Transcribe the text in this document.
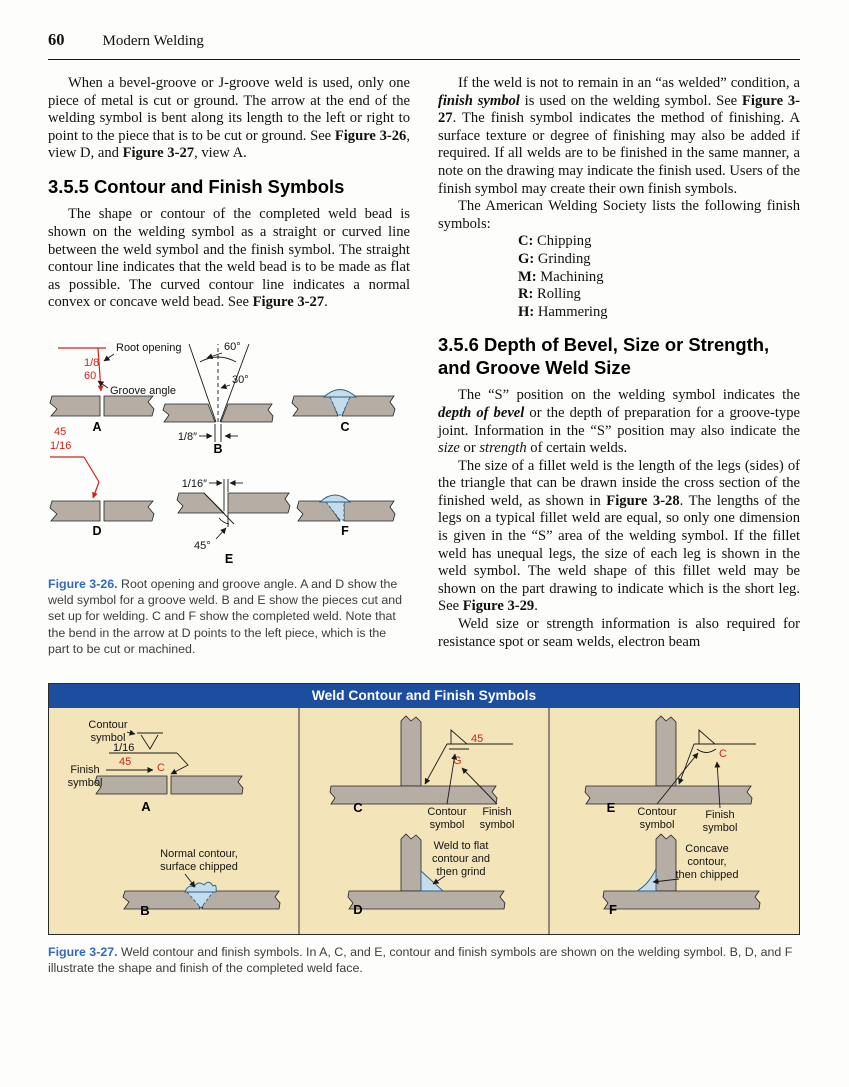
60	Modern Welding

When a bevel-groove or J-groove weld is used, only one piece of metal is cut or ground. The arrow at the end of the welding symbol is bent along its length to the left or right to point to the piece that is to be cut or ground. See Figure 3-26, view D, and Figure 3-27, view A.

3.5.5 Contour and Finish Symbols

The shape or contour of the completed weld bead is shown on the welding symbol as a straight or curved line between the weld symbol and the finish symbol. The straight contour line indicates that the weld bead is to be made as flat as possible. The curved contour line indicates a normal convex or concave weld bead. See Figure 3-27.

1/8
60
Root opening
Groove angle
A
60°
30°
1/8″
B
C
45
1/16
D
1/16″
45°
E
F

Figure 3-26. Root opening and groove angle. A and D show the weld symbol for a groove weld. B and E show the pieces cut and set up for welding. C and F show the completed weld. Note that the bend in the arrow at D points to the left piece, which is the part to be cut or machined.

If the weld is not to remain in an “as welded” condition, a finish symbol is used on the welding symbol. See Figure 3-27. The finish symbol indicates the method of finishing. A surface texture or degree of finishing may also be added if required. If all welds are to be finished in the same manner, a note on the drawing may indicate the finish used. Users of the finish symbol may create their own finish symbols.

The American Welding Society lists the following finish symbols:

C: Chipping
G: Grinding
M: Machining
R: Rolling
H: Hammering
3.5.6 Depth of Bevel, Size or Strength, and Groove Weld Size

The “S” position on the welding symbol indicates the depth of bevel or the depth of preparation for a groove-type joint. Information in the “S” position may also indicate the size or strength of certain welds.

The size of a fillet weld is the length of the legs (sides) of the triangle that can be drawn inside the cross section of the finished weld, as shown in Figure 3-28. The lengths of the legs on a typical fillet weld are equal, so only one dimension is given in the “S” area of the welding symbol. If the fillet weld has unequal legs, the size of each leg is shown in the weld symbol. The weld shape of this fillet weld may be shown on the part drawing to indicate which is the short leg. See Figure 3-29.

Weld size or strength information is also required for resistance spot or seam welds, electron beam

Weld Contour and Finish Symbols
1/16
45 C
Contour
symbol
Finish
symbol
A
Normal contour,
surface chipped
B
45
G
Contour
symbol
Finish
symbol
C
Weld to flat
contour and
then grind
D
C
Contour
symbol
Finish
symbol
E
Concave
contour,
then chipped
F

Figure 3-27. Weld contour and finish symbols. In A, C, and E, contour and finish symbols are shown on the welding symbol. B, D, and F illustrate the shape and finish of the completed weld face.
